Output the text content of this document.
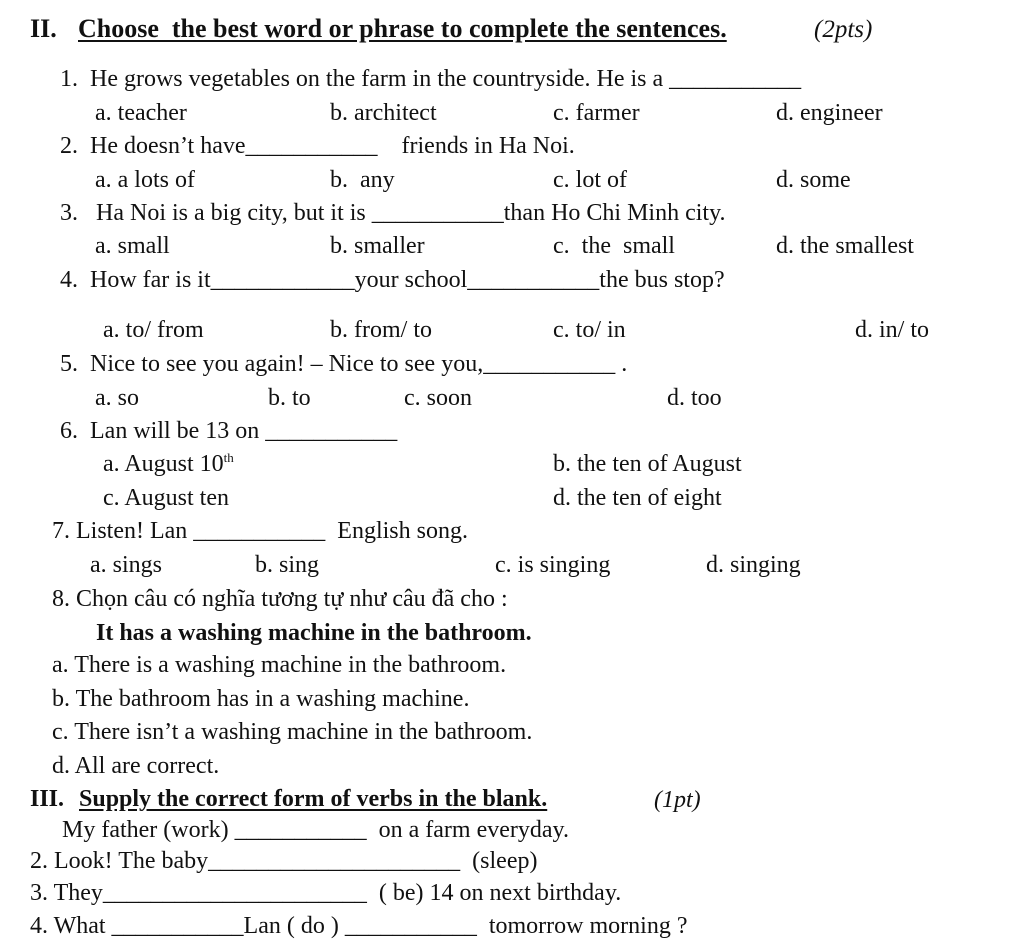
II. Choose  the best word or phrase to complete the sentences.	(2pts)
1.  He grows vegetables on the farm in the countryside. He is a ___________
a. teacher	b. architect	c. farmer	d. engineer
2.  He doesn’t have___________    friends in Ha Noi.
a. a lots of	b.  any	c. lot of	d. some
3.   Ha Noi is a big city, but it is ___________than Ho Chi Minh city.
a. small	b. smaller	c.  the  small	d. the smallest
4.  How far is it____________your school___________the bus stop?
a. to/ from	b. from/ to	c. to/ in	d. in/ to
5.  Nice to see you again! – Nice to see you,___________ .
a. so	b. to	c. soon	d. too
6.  Lan will be 13 on ___________
a. August 10th	b. the ten of August
c. August ten	d. the ten of eight
7. Listen! Lan ___________  English song.
a. sings	b. sing	c. is singing	d. singing
8. Chọn câu có nghĩa tương tự như câu đã cho :
It has a washing machine in the bathroom.
a. There is a washing machine in the bathroom.
b. The bathroom has in a washing machine.
c. There isn’t a washing machine in the bathroom.
d. All are correct.
III. Supply the correct form of verbs in the blank.	(1pt)
My father (work) ___________  on a farm everyday.
2. Look! The baby_____________________  (sleep)
3. They______________________  ( be) 14 on next birthday.
4. What ___________Lan ( do ) ___________  tomorrow morning ?
